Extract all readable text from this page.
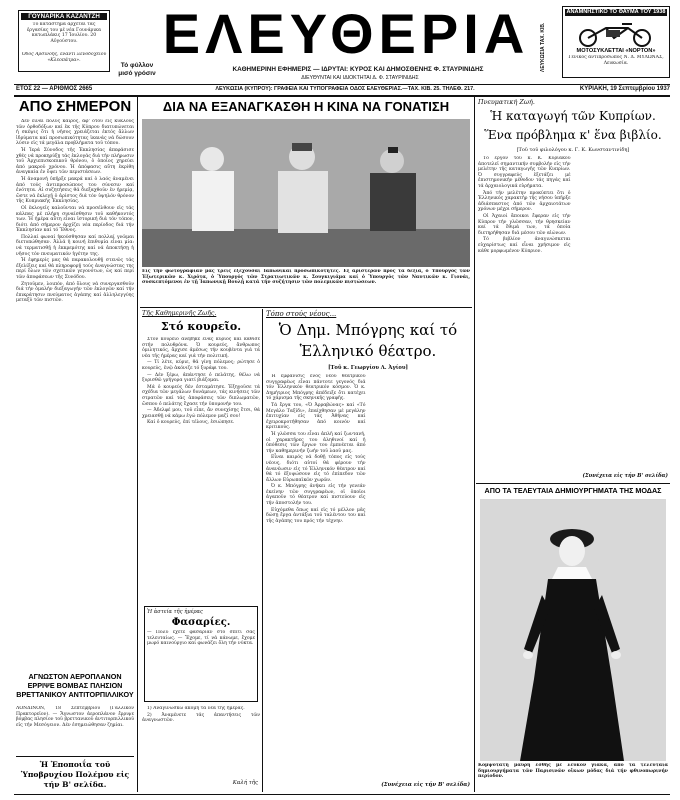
ΓΟΥΝΑΡΙΚΑ ΚΑΖΑΝΤΖΗ
Τό κατάστημα ἄρχεται τάς ἐργασίας του μέ νέα Γουνάρικα κατωπλάκις 17 Ἰουλίου. 20 Αὐγούστου.
Ὁδός Ἀρσινόης, ἔναντι Ξενοδοχείου «Κλεοπάτρα».	ΕΛΕΥΘΕΡΙΑ
Τό φύλλον
μισό γρόσιν
ΚΑΘΗΜΕΡΙΝΗ ΕΦΗΜΕΡΙΣ — ΙΔΡΥΤΑΙ: ΚΥΡΟΣ ΚΑΙ ΔΗΜΟΣΘΕΝΗΣ Φ. ΣΤΑΥΡΙΝΙΔΗΣ
ΔΙΕΥΘΥΝΤΑΙ ΚΑΙ ΙΔΙΟΚΤΗΤΑΙ Δ. Φ. ΣΤΑΥΡΙΝΙΔΗΣ
ΛΕΥΚΩΣΙΑ ΤΑΧ. ΚΙΒ.
ΑΝΑΜΝΗΣΤΙΚΟ ΤΟ ΘΑΥΜΑ ΤΟΥ 1938
ΜΟΤΟΣΥΚΛΕΤΤΑΙ «ΝΟΡΤΟΝ»
Γενικός ἀντιπρόσωπος Ν. Δ. ΜΥΛΩΝΑΣ, Λευκωσία.
ΕΤΟΣ 22 — ΑΡΙΘΜΟΣ 2665	ΛΕΥΚΩΣΙΑ (ΚΥΠΡΟΥ): ΓΡΑΦΕΙΑ ΚΑΙ ΤΥΠΟΓΡΑΦΕΙΑ ΟΔΟΣ ΕΛΕΥΘΕΡΙΑΣ.—ΤΑΧ. ΚΙΒ. 25. ΤΗΛΕΦ. 217.	ΚΥΡΙΑΚΗ, 19 Σεπτεμβρίου 1937
ΑΠΟ ΣΗΜΕΡΟΝ

Δεν εἶναι πολύς καιρός, ἀφ' ὅτου εἰς κύκλους τῶν ὀρθοδόξων καί ἐκ τῆς Κύπρου διατυπώνεται ἡ σκέψις ὅτι ἡ νῆσος χρειάζεται ἐκτός ἄλλων ἰδρύματα καί προσωπικότητας ἱκανάς νά δώσουν λύσιν εἰς τά μεγάλα προβλήματα τοῦ τόπου.

Ἡ Ἱερά Σύνοδος τῆς Ἐκκλησίας ἀπεφάσισε χθές νά προκηρύξῃ τάς ἐκλογάς διά τήν πλήρωσιν τοῦ Ἀρχιεπισκοπικοῦ θρόνου, ὁ ὁποῖος χηρεύει ἀπό μακροῦ χρόνου. Ἡ ἀπόφασις αὕτη ἐκρίθη ἀναγκαία ἐν ὄψει τῶν περιστάσεων.

Ἡ ἀναμονή ὑπῆρξε μακρά καί ὁ λαός ἀναμένει ἀπό τούς ἀντιπροσώπους του σύνεσιν καί ἑνότητα. Αἱ συζητήσεις θά διεξαχθοῦν ἐν ἠρεμίᾳ, ὥστε νά ἐκλεγῇ ὁ ἀρίστος διά τόν ὑψηλόν θρόνον τῆς Κυπριακῆς Ἐκκλησίας.

Οἱ ἐκλογεῖς καλοῦνται νά προσέλθουν εἰς τάς κάλπας μέ πλήρη συναίσθησιν τοῦ καθήκοντός των. Ἡ ἡμέρα αὕτη εἶναι ἱστορική διά τόν τόπον, διότι ἀπό σήμερον ἀρχίζει νέα περίοδος διά τήν Ἐκκλησίαν καί τό Ἔθνος.

Πολλαί φωναί ἠκούσθησαν καί πολλαί γνῶμαι διετυπώθησαν. Ἀλλά ἡ κοινή ἐπιθυμία εἶναι μία: νά τερματισθῇ ἡ ἐκκρεμότης καί νά ἀποκτήσῃ ἡ νῆσος τόν πνευματικόν ἡγέτην της.

Ἡ ἐφημερίς μας θά παρακολουθῇ στενῶς τάς ἐξελίξεις καί θά πληροφορῇ τούς ἀναγνώστας της περί ὅλων τῶν σχετικῶν γεγονότων, ὡς καί περί τῶν ἀποφάσεων τῆς Συνόδου.

Ζητοῦμεν, λοιπόν, ἀπό ὅλους νά συνεργασθοῦν διά τήν ὁμαλήν διεξαγωγήν τῶν ἐκλογῶν καί τήν ἐπικράτησιν πνεύματος ἀγάπης καί ἀλληλεγγύης μεταξύ τῶν πιστῶν.

ΑΓΝΩΣΤΟΝ ΑΕΡΟΠΛΑΝΟΝ ΕΡΡΙΨΕ ΒΟΜΒΑΣ ΠΛΗΣΙΟΝ ΒΡΕΤΤΑΝΙΚΟΥ ΑΝΤΙΤΟΡΠΙΛΛΙΚΟΥ
ΛΟΝΔΙΝΟΝ, 18 Σεπτεμβρίου (Γαλλικόν Πρακτορεῖον). — Ἄγνωστον ἀεροπλάνον ἔρριψε βόμβας πλησίον τοῦ βρεττανικοῦ ἀντιτορπιλλικοῦ εἰς τήν Μεσόγειον. Δέν ἐσημειώθησαν ζημίαι.
Ἡ Ἐποποιΐα τοῦ Ὑποβρυχίου Πολέμου εἰς τήν Β' σελίδα.
ΔΙΑ ΝΑ ΕΞΑΝΑΓΚΑΣΘΗ Η ΚΙΝΑ ΝΑ ΓΟΝΑΤΙΣΗ
Εἰς τήν φωτογραφίαν μας τρεῖς ἐξέχουσαι Ἰαπωνικαί προσωπικότητες. Ἐξ ἀριστερῶν πρός τά δεξιά, ὁ Ὑπουργός τῶν Ἐξωτερικῶν κ. Χιρότα, ὁ Ὑπουργός τῶν Στρατιωτικῶν κ. Σουγκιγιάμα καί ὁ Ὑπουργός τῶν Ναυτικῶν κ. Γιονάι, συσκεπτόμενοι ἐν τῇ Ἰαπωνικῇ Βουλῇ κατά τήν συζήτησιν τῶν πολεμικῶν πιστώσεων.
Τῆς Καθημερινῆς Ζωῆς.
Στό κουρεῖο.

Στόν κουρεῖο ἀνέβηκε ἕνας κύριος καί κάθισε στήν πολυθρόνα. Ὁ κουρεύς, ἄνθρωπος ὁμιλητικός, ἄρχισε ἀμέσως τήν κουβέντα γιά τά νέα τῆς ἡμέρας καί γιά τήν πολιτική.

— Τί λέτε, κύριε, θά γίνῃ πόλεμος; ρώτησε ὁ κουρεύς, ἐνῷ ἀκόνιζε τό ξυράφι του.

— Δέν ξέρω, ἀπάντησε ὁ πελάτης, θέλω νά ξυρισθῶ γρήγορα γιατί βιάζομαι.

Μά ὁ κουρεύς δέν ἐσταμάτησε. Ἐξηγοῦσε τά σχέδια τῶν μεγάλων δυνάμεων, τάς κινήσεις τῶν στρατῶν καί τάς ἀποφάσεις τῶν διπλωματῶν, ὥσπου ὁ πελάτης ἔχασε τήν ὑπομονήν του.

— Ἀδελφέ μου, τοῦ εἶπε, ἄν συνεχίσῃς ἔτσι, θά χρειασθῇ νά κάμω ἐγώ πόλεμον μαζί σου!

Καί ὁ κουρεύς, ἐπί τέλους, ἐσιώπησε.

Ἡ ἀστεία τῆς ἡμέρας
Φασαρίες.
— Πολύ ἔχετε φασαρίαν στό σπίτι σας τελευταίως. — Ἔχομε, τί νά κάνωμε, ἔχομε μωρό καινούργιο καί φωνάζει ὅλη τήν νύκτα.

1) Ἀναγινώσκω ἀκόμη τά νέα τῆς ἡμέρας.

2) Ἀναμένετε τάς ἀπαντήσεις τῶν ἀναγνωστῶν.

Καλή τῆς
Τόπο στούς νέους...
Ὁ Δημ. Μπόγρης καί τό Ἑλληνικό θέατρο.
[Τοῦ κ. Γεωργίου Λ. Ἀγίου]

Ἡ ἐμφάνισις ἑνός νέου θεατρικοῦ συγγραφέως εἶναι πάντοτε γεγονός διά τόν Ἑλληνικόν θεατρικόν κόσμον. Ὁ κ. Δημήτριος Μπόγρης ἀπέδειξε ὅτι κατέχει τό χάρισμα τῆς σκηνικῆς γραφῆς.

Τά ἔργα του, «Ὁ Ἀρραβώνας» καί «Τό Μεγάλο Ταξίδι», ἐπαίχθησαν μέ μεγάλην ἐπιτυχίαν εἰς τάς Ἀθήνας καί ἐχειροκροτήθησαν ἀπό κοινόν καί κριτικούς.

Ἡ γλῶσσα του εἶναι ἁπλῆ καί ζωντανή, οἱ χαρακτῆρες του ἀληθινοί καί ἡ ὑπόθεσις τῶν ἔργων του ἐμπνέεται ἀπό τήν καθημερινήν ζωήν τοῦ λαοῦ μας.

Εἶναι καιρός νά δοθῇ τόπος εἰς τούς νέους, διότι αὐτοί θά φέρουν τήν ἀνανέωσιν εἰς τό Ἑλληνικόν θέατρον καί θά τό ἐξυψώσουν εἰς τό ἐπίπεδον τῶν ἄλλων Εὐρωπαϊκῶν χωρῶν.

Ὁ κ. Μπόγρης ἀνήκει εἰς τήν γενεάν ἐκείνην τῶν συγγραφέων, οἱ ὁποῖοι ἀγαποῦν τό θέατρον καί πιστεύουν εἰς τήν ἀποστολήν του.

Εὐχόμεθα ὅπως καί εἰς τό μέλλον μᾶς δώσῃ ἔργα ἀντάξια τοῦ ταλέντου του καί τῆς ἀγάπης του πρός τήν τέχνην.

(Συνέχεια εἰς τήν Β' σελίδα)
Πνευματική Ζωή.
Ἡ καταγωγή τῶν Κυπρίων.
Ἕνα πρόβλημα κ' ἕνα βιβλίο.
[Τοῦ τοῦ φιλολόγου κ. Γ. Κ. Κωνσταντινίδη]

Τό ἔργον τοῦ κ. Κ. Κυριάκου ἀποτελεῖ σημαντικήν συμβολήν εἰς τήν μελέτην τῆς καταγωγῆς τῶν Κυπρίων. Ὁ συγγραφεύς ἐξετάζει μέ ἐπιστημονικήν μέθοδον τάς πηγάς καί τά ἀρχαιολογικά εὑρήματα.

Ἀπό τήν μελέτην προκύπτει ὅτι ὁ Ἑλληνικός χαρακτήρ τῆς νήσου ὑπῆρξε ἀδιάσπαστος ἀπό τῶν ἀρχαιοτάτων χρόνων μέχρι σήμερον.

Οἱ Ἀχαιοί ἄποικοι ἔφεραν εἰς τήν Κύπρον τήν γλῶσσαν, τήν θρησκείαν καί τά ἔθιμά των, τά ὁποῖα διετηρήθησαν διά μέσου τῶν αἰώνων.

Τό βιβλίον ἀναγινώσκεται εὐχαρίστως καί εἶναι χρήσιμον εἰς κάθε μορφωμένον Κύπριον.

(Συνέχεια εἰς τήν Β' σελίδα)
ΑΠΟ ΤΑ ΤΕΛΕΥΤΑΙΑ ΔΗΜΙΟΥΡΓΗΜΑΤΑ ΤΗΣ ΜΟΔΑΣ
Κομψοτάτη μαύρη ἐσθής μέ λευκόν γιακά, ἀπό τά τελευταῖα δημιουργήματα τῶν Παρισινῶν οἴκων μόδας διά τήν φθινοπωρινήν περίοδον.
